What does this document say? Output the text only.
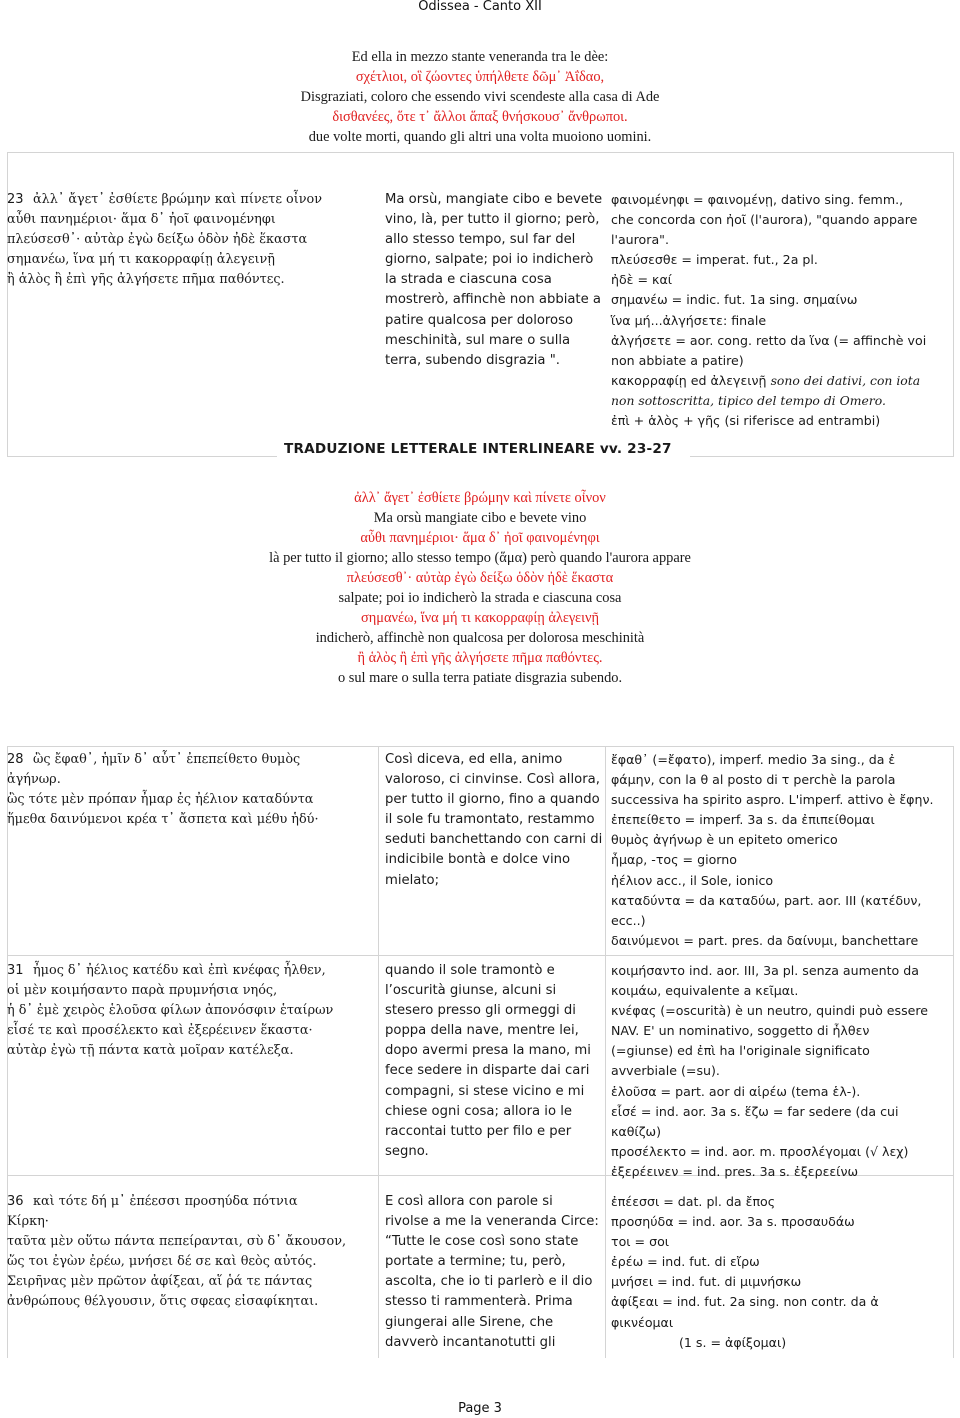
Odissea - Canto XII
Ed ella in mezzo stante veneranda tra le dèe:
σχέτλιοι, οἳ ζώοντες ὑπήλθετε δῶμ᾽ Ἀΐδαο,
Disgraziati, coloro che essendo vivi scendeste alla casa di Ade
δισθανέες, ὅτε τ᾽ ἄλλοι ἅπαξ θνήσκουσ᾽ ἄνθρωποι.
due volte morti, quando gli altri una volta muoiono uomini.
23 ἀλλ᾽ ἄγετ᾽ ἐσθίετε βρώμην καὶ πίνετε οἶνον
αὖθι πανημέριοι· ἅμα δ᾽ ἠοῖ φαινομένηφι
πλεύσεσθ᾽· αὐτὰρ ἐγὼ δείξω ὁδὸν ἠδὲ ἕκαστα
σημανέω, ἵνα μή τι κακορραφίῃ ἀλεγεινῇ
ἢ ἁλὸς ἢ ἐπὶ γῆς ἀλγήσετε πῆμα παθόντες.
Ma orsù, mangiate cibo e bevete
vino, là, per tutto il giorno; però,
allo stesso tempo, sul far del
giorno, salpate; poi io indicherò
la strada e ciascuna cosa
mostrerò, affinchè non abbiate a
patire qualcosa per doloroso
meschinità, sul mare o sulla
terra, subendo disgrazia ".
φαινομένηφι = φαινομένῃ, dativo sing. femm.,
che concorda con ἠοῖ (l'aurora), "quando appare
l'aurora".
πλεύσεσθε = imperat. fut., 2a pl.
ἠδὲ = καί
σημανέω = indic. fut. 1a sing. σημαίνω
ἵνα μή...ἀλγήσετε: finale
ἀλγήσετε = aor. cong. retto da ἵνα (= affinchè voi
non abbiate a patire)
κακορραφίῃ ed ἀλεγεινῇ sono dei dativi, con iota
non sottoscritta, tipico del tempo di Omero.
ἐπὶ + ἁλὸς + γῆς (si riferisce ad entrambi)
TRADUZIONE LETTERALE INTERLINEARE vv. 23-27
ἀλλ᾽ ἄγετ᾽ ἐσθίετε βρώμην καὶ πίνετε οἶνον
Ma orsù mangiate cibo e bevete vino
αὖθι πανημέριοι· ἅμα δ᾽ ἠοῖ φαινομένηφι
là per tutto il giorno; allo stesso tempo (ἅμα) però quando l'aurora appare
πλεύσεσθ᾽· αὐτὰρ ἐγὼ δείξω ὁδὸν ἠδὲ ἕκαστα
salpate; poi io indicherò la strada e ciascuna cosa
σημανέω, ἵνα μή τι κακορραφίῃ ἀλεγεινῇ
indicherò, affinchè non qualcosa per dolorosa meschinità
ἢ ἁλὸς ἢ ἐπὶ γῆς ἀλγήσετε πῆμα παθόντες.
o sul mare o sulla terra patiate disgrazia subendo.
28 ὣς ἔφαθ᾽, ἡμῖν δ᾽ αὖτ᾽ ἐπεπείθετο θυμὸς
ἀγήνωρ.
ὣς τότε μὲν πρόπαν ἦμαρ ἐς ἠέλιον καταδύντα
ἥμεθα δαινύμενοι κρέα τ᾽ ἄσπετα καὶ μέθυ ἡδύ·
Così diceva, ed ella, animo
valoroso, ci cinvinse. Così allora,
per tutto il giorno, fino a quando
il sole fu tramontato, restammo
seduti banchettando con carni di
indicibile bontà e dolce vino
mielato;
ἔφαθ᾽ (=ἔφατο), imperf. medio 3a sing., da ἐ
φάμην, con la θ al posto di τ perchè la parola
successiva ha spirito aspro. L'imperf. attivo è ἔφην.
ἐπεπείθετο = imperf. 3a s. da ἐπιπείθομαι
θυμὸς ἀγήνωρ è un epiteto omerico
ἦμαρ, -τος = giorno
ἠέλιον acc., il Sole, ionico
καταδύντα = da καταδύω, part. aor. III (κατέδυν,
ecc..)
δαινύμενοι = part. pres. da δαίνυμι, banchettare
31 ἦμος δ᾽ ἠέλιος κατέδυ καὶ ἐπὶ κνέφας ἦλθεν,
οἱ μὲν κοιμήσαντο παρὰ πρυμνήσια νηός,
ἡ δ᾽ ἐμὲ χειρὸς ἑλοῦσα φίλων ἀπονόσφιν ἑταίρων
εἷσέ τε καὶ προσέλεκτο καὶ ἐξερέεινεν ἕκαστα·
αὐτὰρ ἐγὼ τῇ πάντα κατὰ μοῖραν κατέλεξα.
quando il sole tramontò e
l’oscurità giunse, alcuni si
stesero presso gli ormeggi di
poppa della nave, mentre lei,
dopo avermi presa la mano, mi
fece sedere in disparte dai cari
compagni, si stese vicino e mi
chiese ogni cosa; allora io le
raccontai tutto per filo e per
segno.
κοιμήσαντο ind. aor. III, 3a pl. senza aumento da
κοιμάω, equivalente a κεῖμαι.
κνέφας (=oscurità) è un neutro, quindi può essere
NAV. E' un nominativo, soggetto di ἦλθεν
(=giunse) ed ἐπὶ ha l'originale significato
avverbiale (=su).
ἑλοῦσα = part. aor di αἱρέω (tema ἑλ-).
εἷσέ = ind. aor. 3a s. ἕζω = far sedere (da cui
καθίζω)
προσέλεκτο = ind. aor. m. προσλέγομαι (√ λεχ)
ἐξερέεινεν = ind. pres. 3a s. ἐξερεείνω
36 καὶ τότε δή μ᾽ ἐπέεσσι προσηύδα πότνια
Κίρκη·
ταῦτα μὲν οὕτω πάντα πεπείρανται, σὺ δ᾽ ἄκουσον,
ὥς τοι ἐγὼν ἐρέω, μνήσει δέ σε καὶ θεὸς αὐτός.
Σειρῆνας μὲν πρῶτον ἀφίξεαι, αἵ ῥά τε πάντας
ἀνθρώπους θέλγουσιν, ὅτις σφεας εἰσαφίκηται.
E così allora con parole si
rivolse a me la veneranda Circe:
“Tutte le cose così sono state
portate a termine; tu, però,
ascolta, che io ti parlerò e il dio
stesso ti rammenterà. Prima
giungerai alle Sirene, che
davverò incantanotutti gli
ἐπέεσσι = dat. pl. da ἔπος
προσηύδα = ind. aor. 3a s. προσαυδάω
τοι = σοι
ἐρέω = ind. fut. di εἴρω
μνήσει = ind. fut. di μιμνήσκω
ἀφίξεαι = ind. fut. 2a sing. non contr. da ἀ
φικνέομαι
(1 s. = ἀφίξομαι)
Page 3
